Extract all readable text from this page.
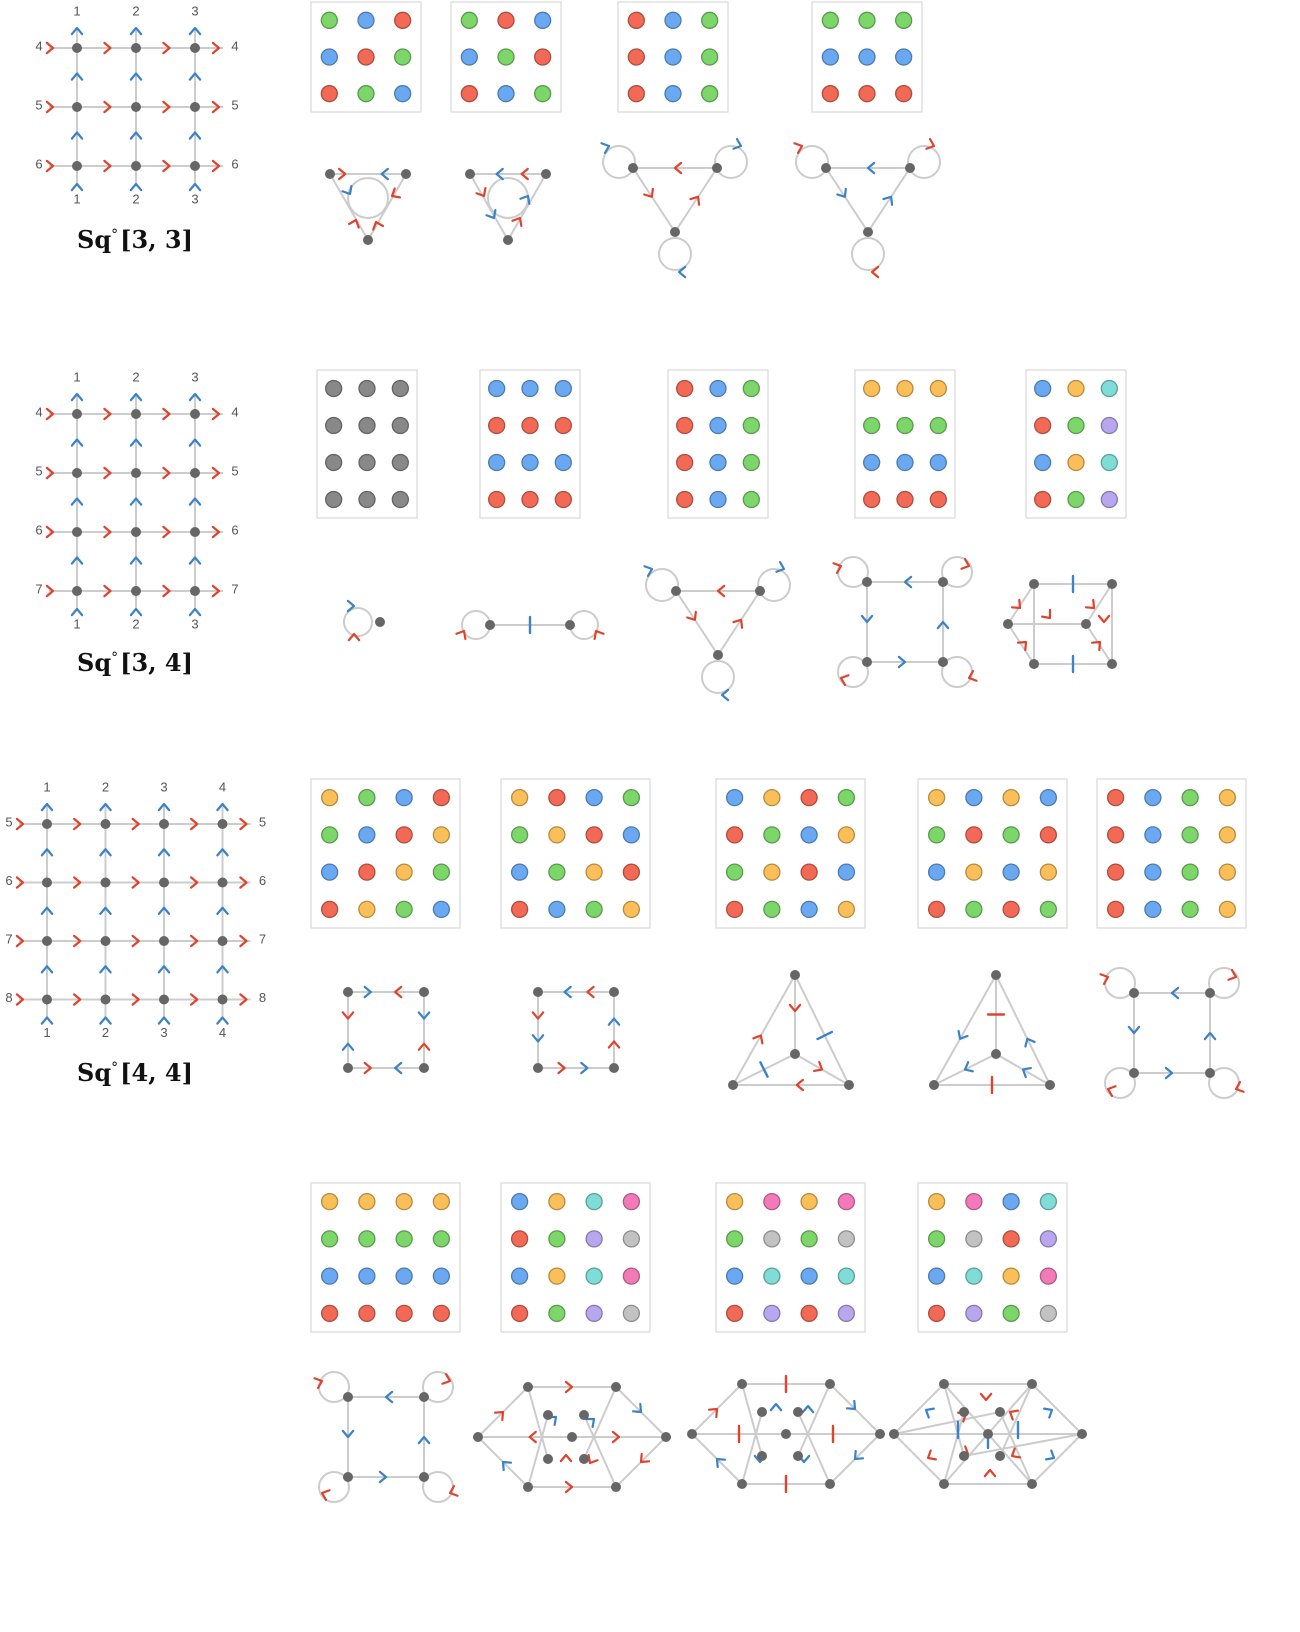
1	2	3
1	2	3
4
5
6
4
5
6
1	2	3
1	2	3
4
5
6
7
4
5
6
7
1	2	3	4
1	2	3	4
5
6
7
8
5
6
7
8
Sq°[3, 3]
Sq°[3, 4]
Sq°[4, 4]
